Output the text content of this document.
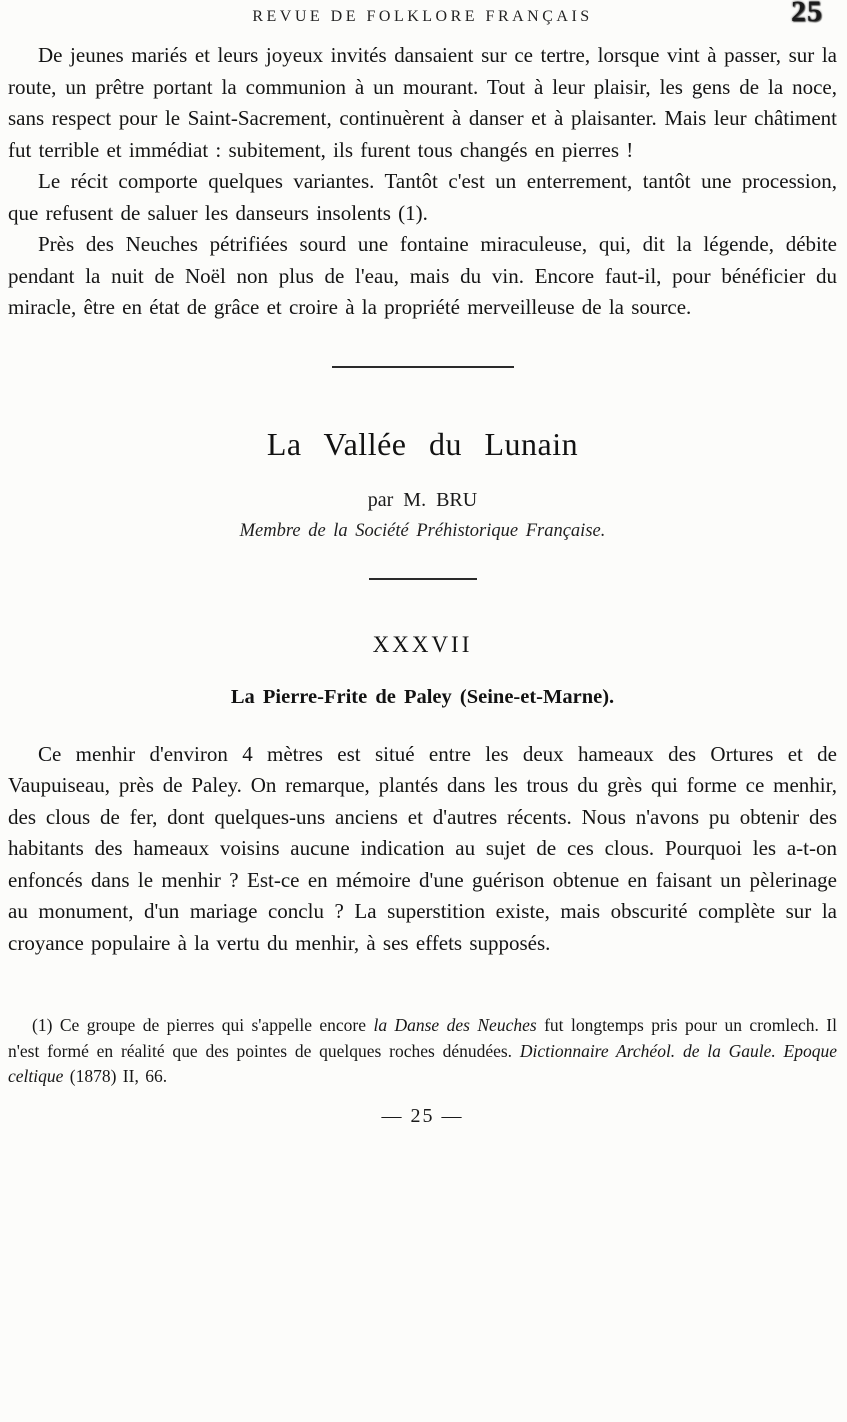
REVUE DE FOLKLORE FRANÇAIS	25

De jeunes mariés et leurs joyeux invités dansaient sur ce tertre, lorsque vint à passer, sur la route, un prêtre portant la communion à un mourant. Tout à leur plaisir, les gens de la noce, sans respect pour le Saint-Sacrement, continuèrent à danser et à plaisanter. Mais leur châtiment fut terrible et immédiat : subitement, ils furent tous changés en pierres !

Le récit comporte quelques variantes. Tantôt c'est un enterrement, tantôt une procession, que refusent de saluer les danseurs insolents (1).

Près des Neuches pétrifiées sourd une fontaine miraculeuse, qui, dit la légende, débite pendant la nuit de Noël non plus de l'eau, mais du vin. Encore faut-il, pour bénéficier du miracle, être en état de grâce et croire à la propriété merveilleuse de la source.

La Vallée du Lunain
par M. BRU
Membre de la Société Préhistorique Française.
XXXVII
La Pierre-Frite de Paley (Seine-et-Marne).

Ce menhir d'environ 4 mètres est situé entre les deux hameaux des Ortures et de Vaupuiseau, près de Paley. On remarque, plantés dans les trous du grès qui forme ce menhir, des clous de fer, dont quelques-uns anciens et d'autres récents. Nous n'avons pu obtenir des habitants des hameaux voisins aucune indication au sujet de ces clous. Pourquoi les a-t-on enfoncés dans le menhir ? Est-ce en mémoire d'une guérison obtenue en faisant un pèlerinage au monument, d'un mariage conclu ? La superstition existe, mais obscurité complète sur la croyance populaire à la vertu du menhir, à ses effets supposés.

(1) Ce groupe de pierres qui s'appelle encore la Danse des Neuches fut longtemps pris pour un cromlech. Il n'est formé en réalité que des pointes de quelques roches dénudées. Dictionnaire Archéol. de la Gaule. Epoque celtique (1878) II, 66.

— 25 —
